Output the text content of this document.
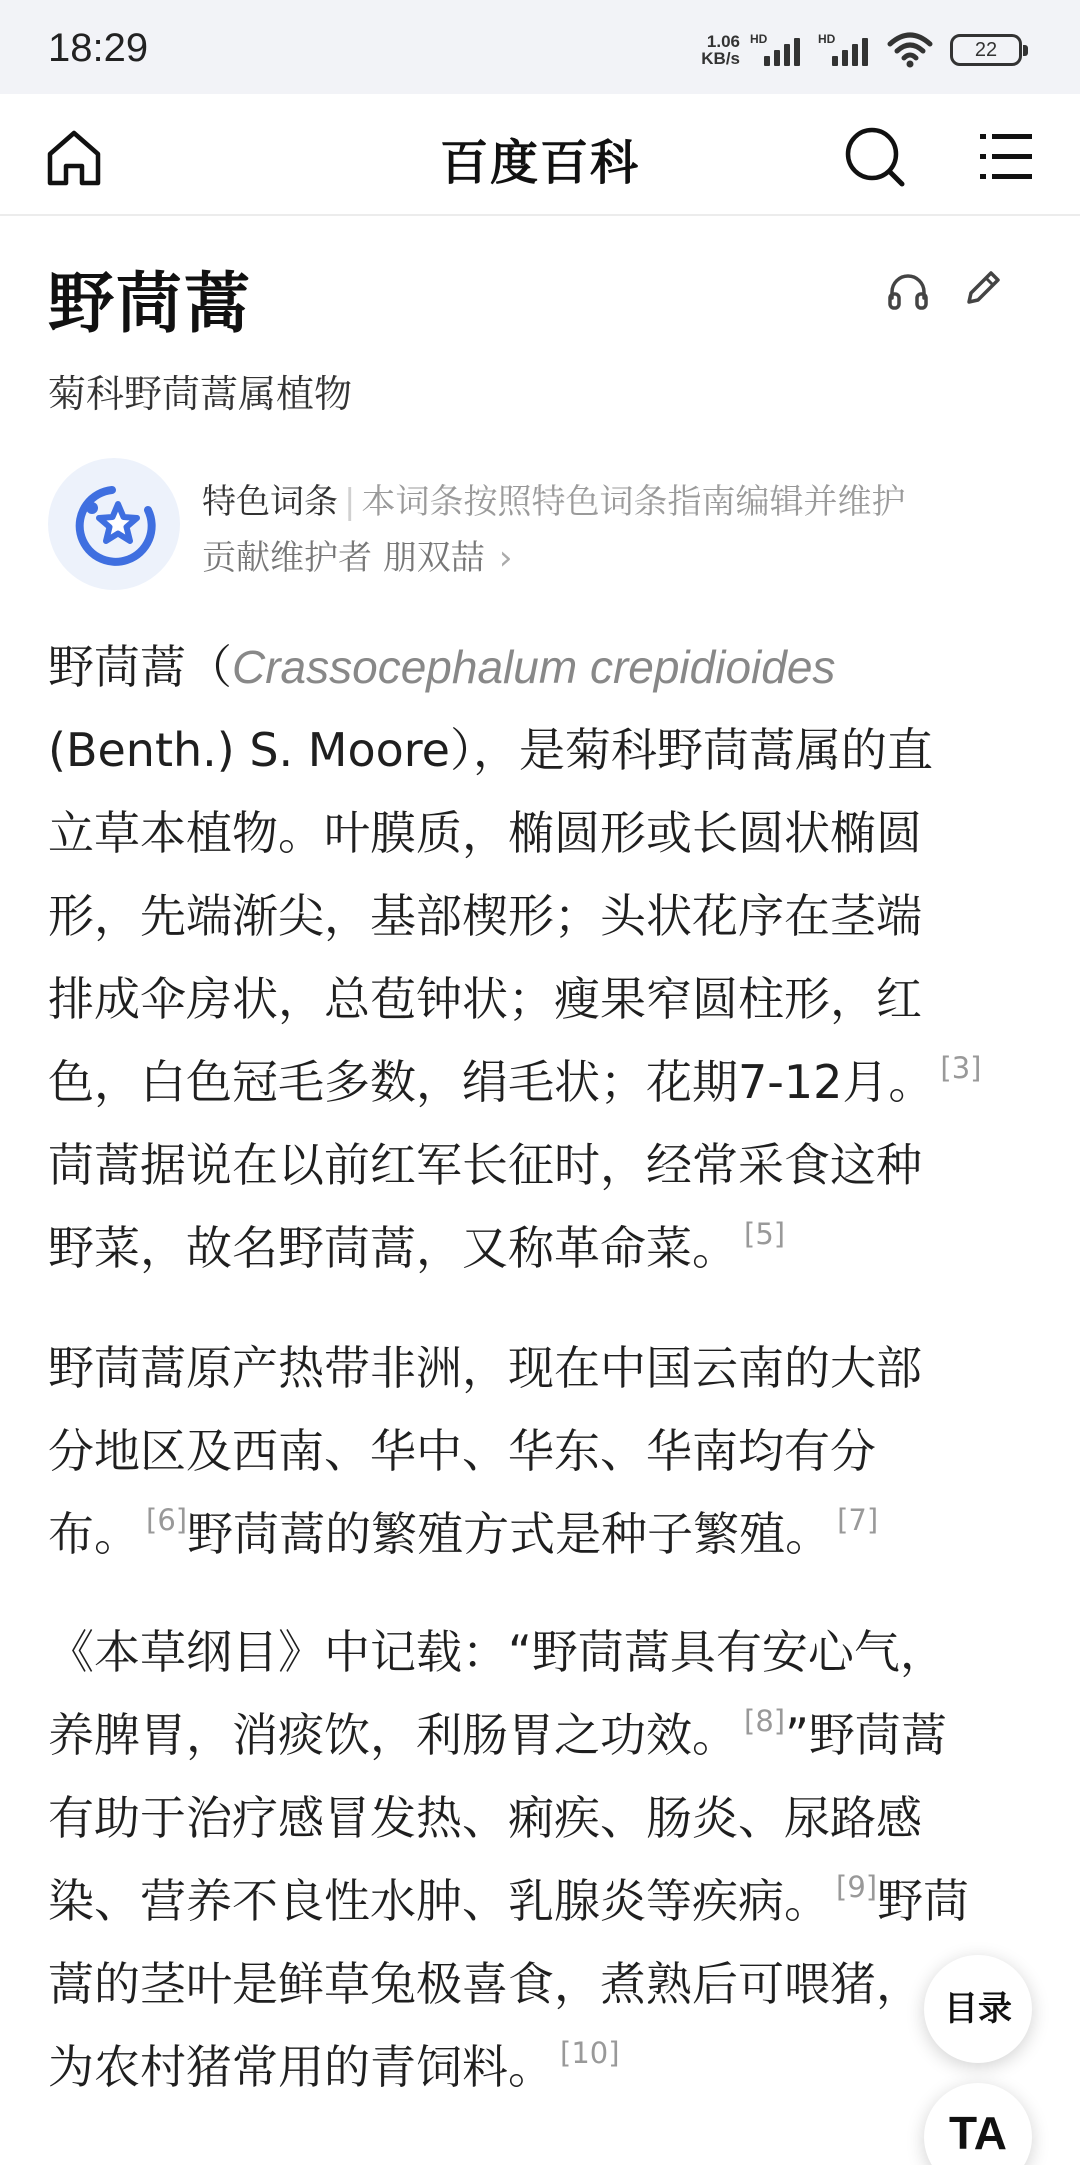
18:29	1.06
KB/s
HD	HD	22
百度百科
野茼蒿
菊科野茼蒿属植物
特色词条 | 本词条按照特色词条指南编辑并维护
贡献维护者 朋双喆 ›
野茼蒿（Crassocephalum crepidioides
(Benth.) S. Moore），是菊科野茼蒿属的直
立草本植物。叶膜质，椭圆形或长圆状椭圆
形，先端渐尖，基部楔形；头状花序在茎端
排成伞房状，总苞钟状；瘦果窄圆柱形，红
色，白色冠毛多数，绢毛状；花期7-12月。 [3]
茼蒿据说在以前红军长征时，经常采食这种
野菜，故名野茼蒿，又称革命菜。 [5]
野茼蒿原产热带非洲，现在中国云南的大部
分地区及西南、华中、华东、华南均有分
布。 [6]野茼蒿的繁殖方式是种子繁殖。 [7]
《本草纲目》中记载：“野茼蒿具有安心气，
养脾胃，消痰饮，利肠胃之功效。 [8]”野茼蒿
有助于治疗感冒发热、痢疾、肠炎、尿路感
染、营养不良性水肿、乳腺炎等疾病。 [9]野茼
蒿的茎叶是鲜草兔极喜食，煮熟后可喂猪，
为农村猪常用的青饲料。 [10]
目录
TA
